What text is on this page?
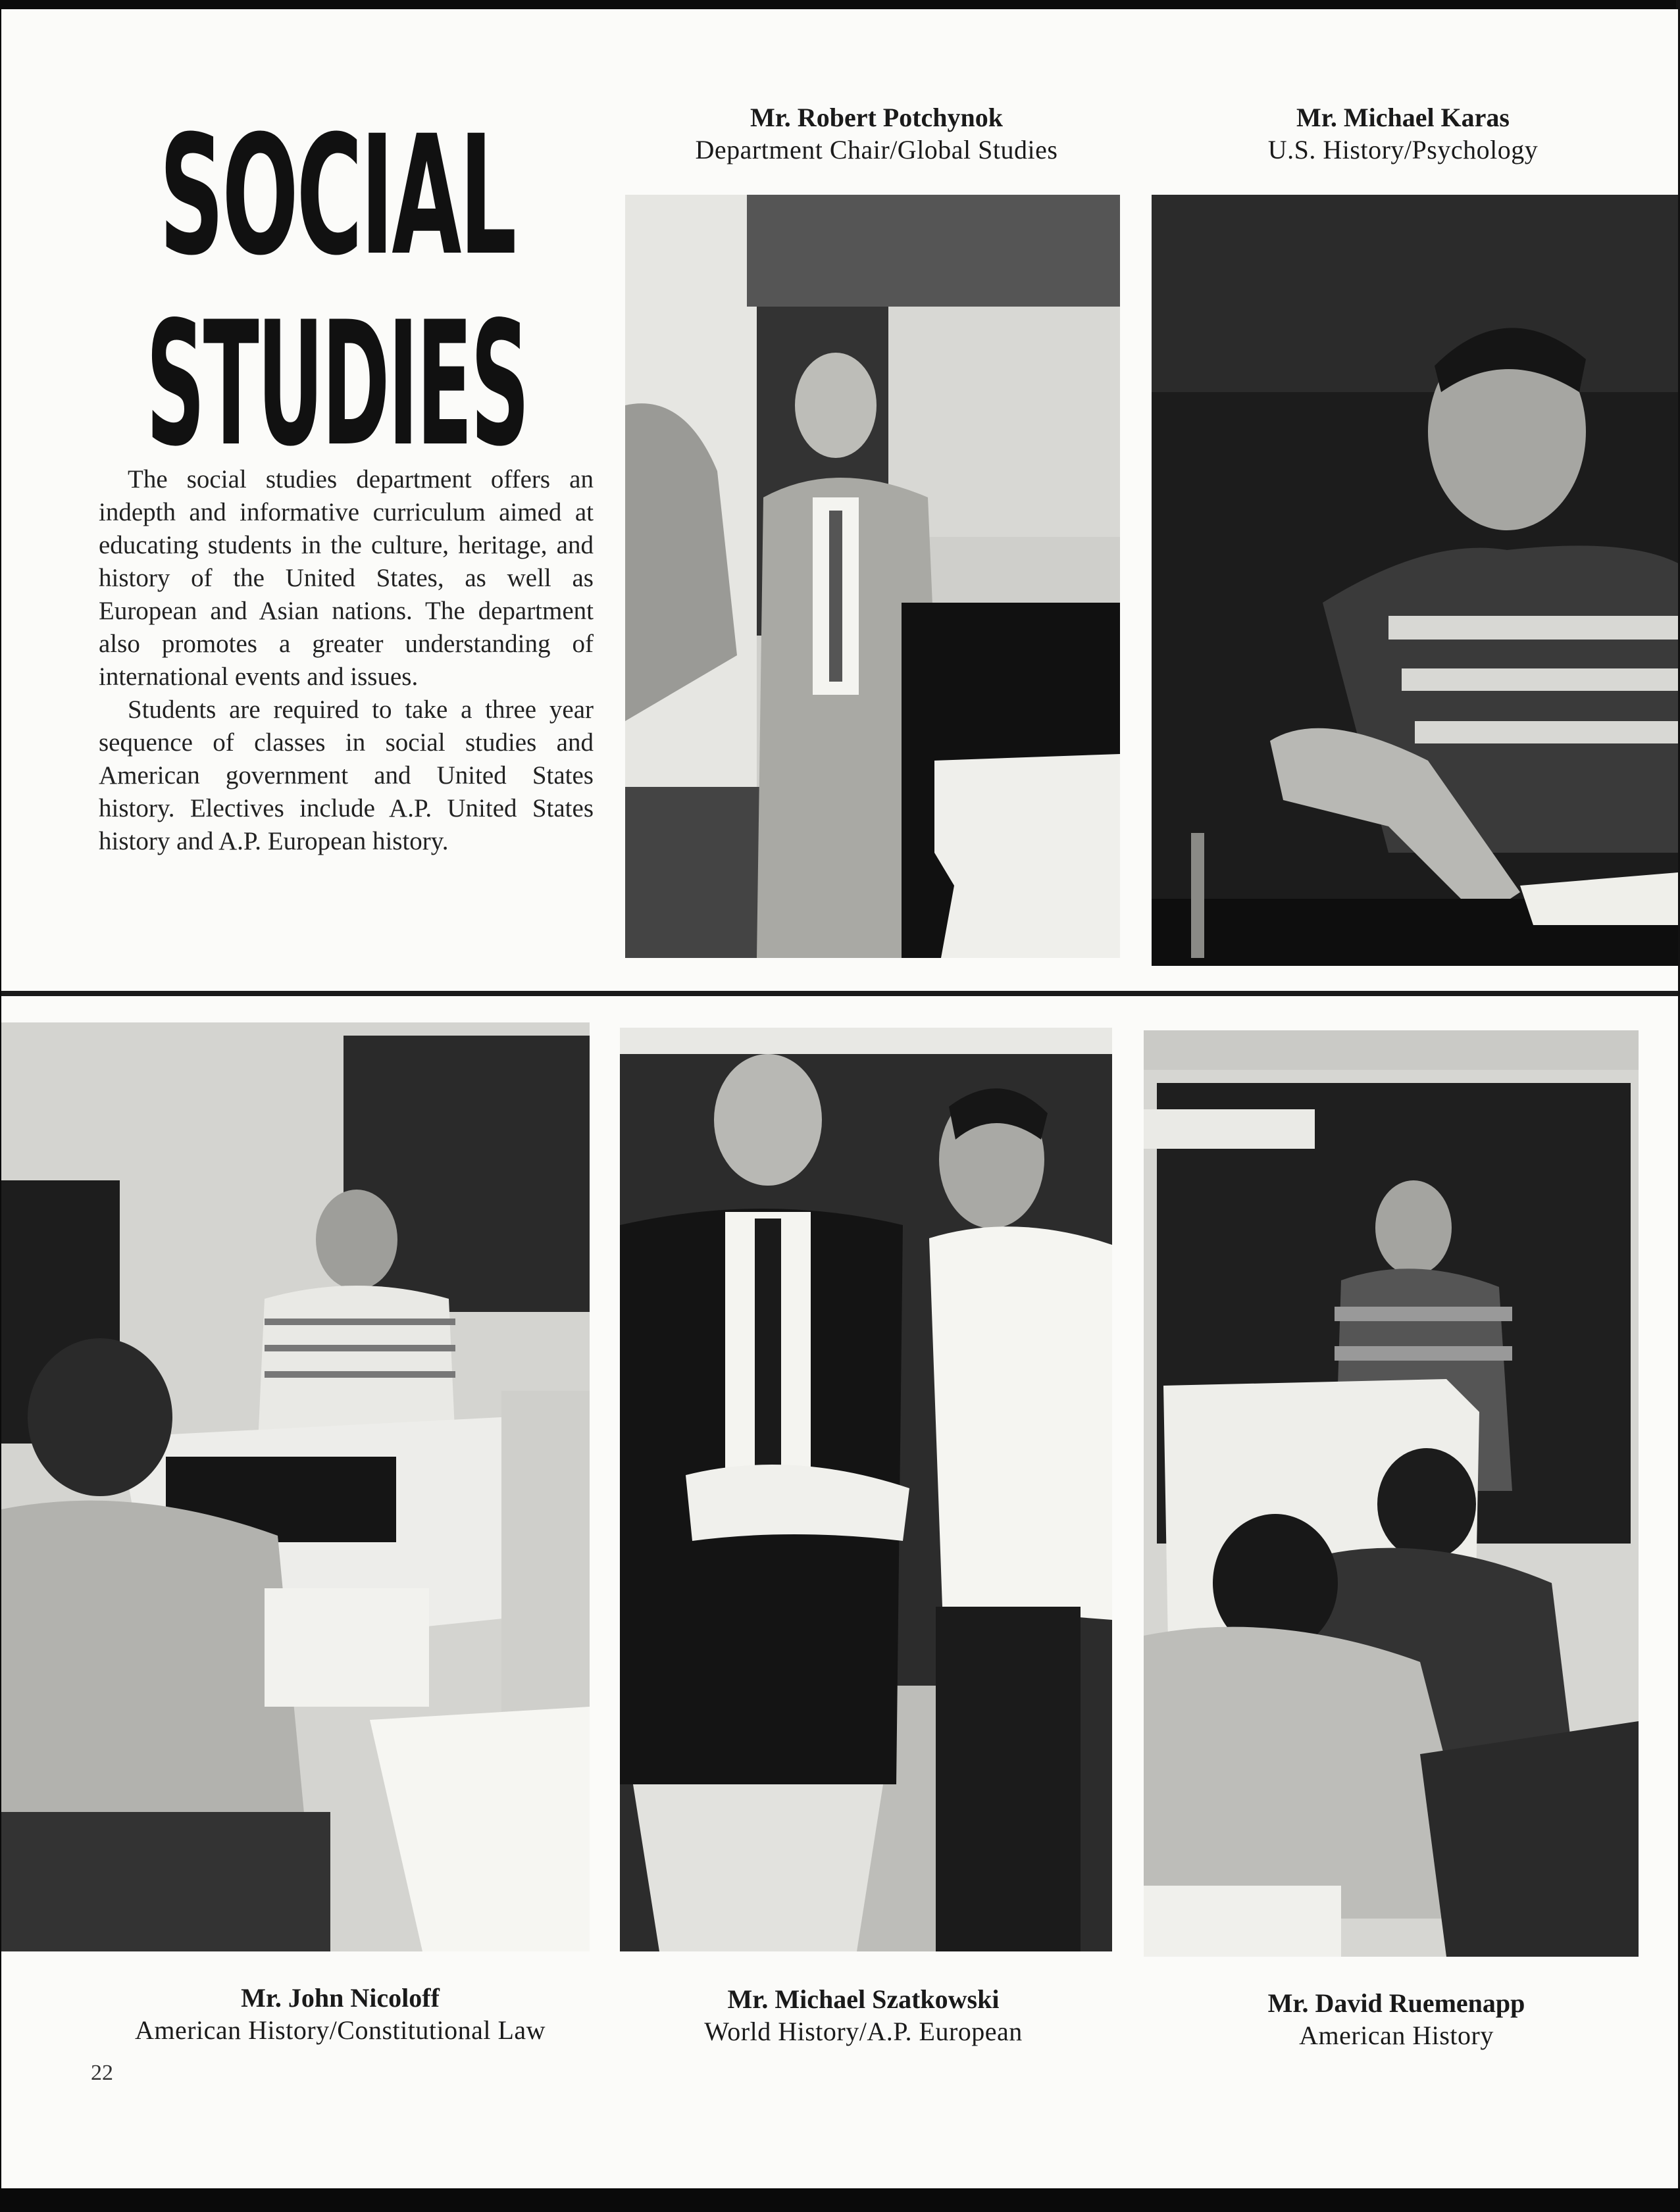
SOCIAL
STUDIES

The social studies department offers an indepth and informative curriculum aimed at educating students in the culture, heritage, and history of the United States, as well as European and Asian nations. The department also promotes a greater understanding of international events and issues.

Students are required to take a three year sequence of classes in social studies and American government and United States history. Electives include A.P. United States history and A.P. European history.

Mr. Robert Potchynok
Department Chair/Global Studies
Mr. Michael Karas
U.S. History/Psychology
Mr. John Nicoloff
American History/Constitutional Law
Mr. Michael Szatkowski
World History/A.P. European
Mr. David Ruemenapp
American History
22
